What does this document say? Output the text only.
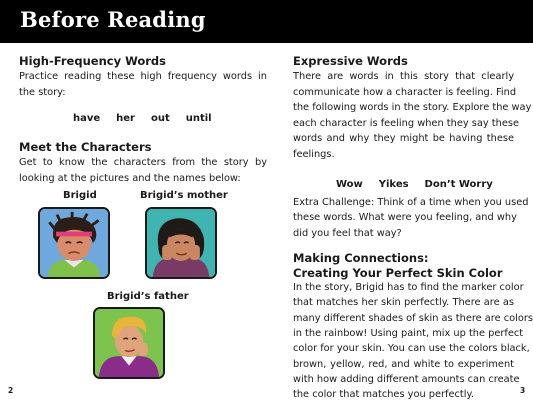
Before Reading
High-Frequency Words
Practice reading these high frequency words in
the story:
have her out until
Meet the Characters
Get to know the characters from the story by
looking at the pictures and the names below:
Brigid	Brigid’s mother
Brigid’s father
2
Expressive Words
There are words in this story that clearly
communicate how a character is feeling. Find
the following words in the story. Explore the way
each character is feeling when they say these
words and why they might be having these
feelings.
Wow Yikes Don’t Worry
Extra Challenge: Think of a time when you used
these words. What were you feeling, and why
did you feel that way?
Making Connections:
Creating Your Perfect Skin Color
In the story, Brigid has to find the marker color
that matches her skin perfectly. There are as
many different shades of skin as there are colors
in the rainbow! Using paint, mix up the perfect
color for your skin. You can use the colors black,
brown, yellow, red, and white to experiment
with how adding different amounts can create
the color that matches you perfectly.	3
